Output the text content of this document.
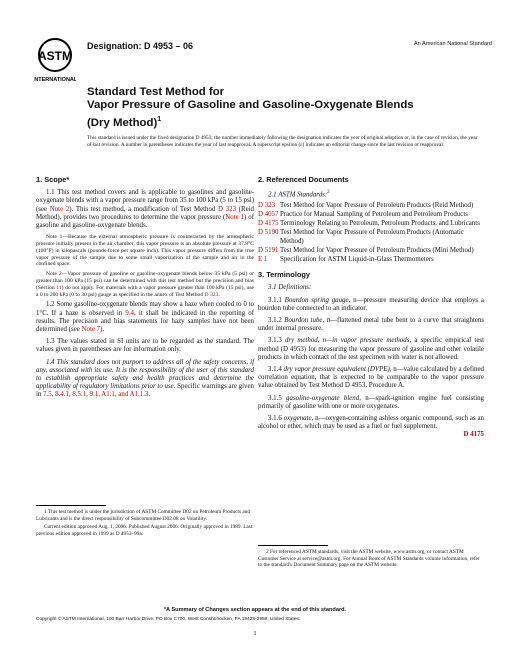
ASTM
INTERNATIONAL
Designation: D 4953 – 06	An American National Standard
Standard Test Method for
Vapor Pressure of Gasoline and Gasoline-Oxygenate Blends
(Dry Method)$^1$
This standard is issued under the fixed designation D 4953; the number immediately following the designation indicates the year of original adoption or, in the case of revision, the year of last revision. A number in parentheses indicates the year of last reapproval. A superscript epsilon (ε) indicates an editorial change since the last revision or reapproval.
1. Scope*

1.1 This test method covers and is applicable to gasolines and gasoline-oxygenate blends with a vapor pressure range from 35 to 100 kPa (5 to 15 psi) (see Note 2). This test method, a modification of Test Method D 323 (Reid Method), provides two procedures to determine the vapor pressure (Note 1) of gasoline and gasoline-oxygenate blends.

Note 1—Because the external atmospheric pressure is counteracted by the atmospheric pressure initially present in the air chamber, this vapor pressure is an absolute pressure at 37.8°C (100°F) in kilopascals (pounds-force per square inch). This vapor pressure differs from the true vapor pressure of the sample due to some small vaporization of the sample and air in the confined space.

Note 2—Vapor pressure of gasoline or gasoline-oxygenate blends below 35 kPa (5 psi) or greater than 100 kPa (15 psi) can be determined with this test method but the precision and bias (Section 11) do not apply. For materials with a vapor pressure greater than 100 kPa (15 psi), use a 0 to 200 kPa (0 to 30 psi) gauge as specified in the annex of Test Method D 323.

1.2 Some gasoline-oxygenate blends may show a haze when cooled to 0 to 1°C. If a haze is observed in 9.4, it shall be indicated in the reporting of results. The precision and bias statements for hazy samples have not been determined (see Note 7).

1.3 The values stated in SI units are to be regarded as the standard. The values given in parentheses are for information only.

1.4 This standard does not purport to address all of the safety concerns, if any, associated with its use. It is the responsibility of the user of this standard to establish appropriate safety and health practices and determine the applicability of regulatory limitations prior to use. Specific warnings are given in 7.5, 8.4.1, 8.5.1, 9.1, A1.1, and A1.1.3.

1 This test method is under the jurisdiction of ASTM Committee D02 on Petroleum Products and Lubricants and is the direct responsibility of Subcommittee D02.08 on Volatility.

Current edition approved Aug. 1, 2006. Published August 2006. Originally approved in 1989. Last previous edition approved in 1999 as D 4953–99a.

2. Referenced Documents

2.1 ASTM Standards:$^2$

D 323 Test Method for Vapor Pressure of Petroleum Products (Reid Method)
D 4057 Practice for Manual Sampling of Petroleum and Petroleum Products
D 4175 Terminology Relating to Petroleum, Petroleum Products, and Lubricants
D 5190 Test Method for Vapor Pressure of Petroleum Products (Automatic Method)
D 5191 Test Method for Vapor Pressure of Petroleum Products (Mini Method)
E 1	Specification for ASTM Liquid-in-Glass Thermometers
3. Terminology

3.1 Definitions:

3.1.1 Bourdon spring gauge, n—pressure measuring device that employs a bourdon tube connected to an indicator.

3.1.2 Bourdon tube, n—flattened metal tube bent to a curve that straightens under internal pressure.

3.1.3 dry method, n—in vapor pressure methods, a specific empirical test method (D 4953) for measuring the vapor pressure of gasoline and other volatile products in which contact of the test specimen with water is not allowed.

3.1.4 dry vapor pressure equivalent (DVPE), n—value calculated by a defined correlation equation, that is expected to be comparable to the vapor pressure value obtained by Test Method D 4953, Procedure A.

3.1.5 gasoline-oxygenate blend, n—spark-ignition engine fuel consisting primarily of gasoline with one or more oxygenates.

3.1.6 oxygenate, n—oxygen-containing ashless organic compound, such as an alcohol or ether, which may be used as a fuel or fuel supplement.

D 4175

2 For referenced ASTM standards, visit the ASTM website, www.astm.org, or contact ASTM Customer Service at service@astm.org. For Annual Book of ASTM Standards volume information, refer to the standard's Document Summary page on the ASTM website.

*A Summary of Changes section appears at the end of this standard.
Copyright © ASTM International, 100 Barr Harbor Drive, PO Box C700, West Conshohocken, PA 19428-2959, United States.
1
